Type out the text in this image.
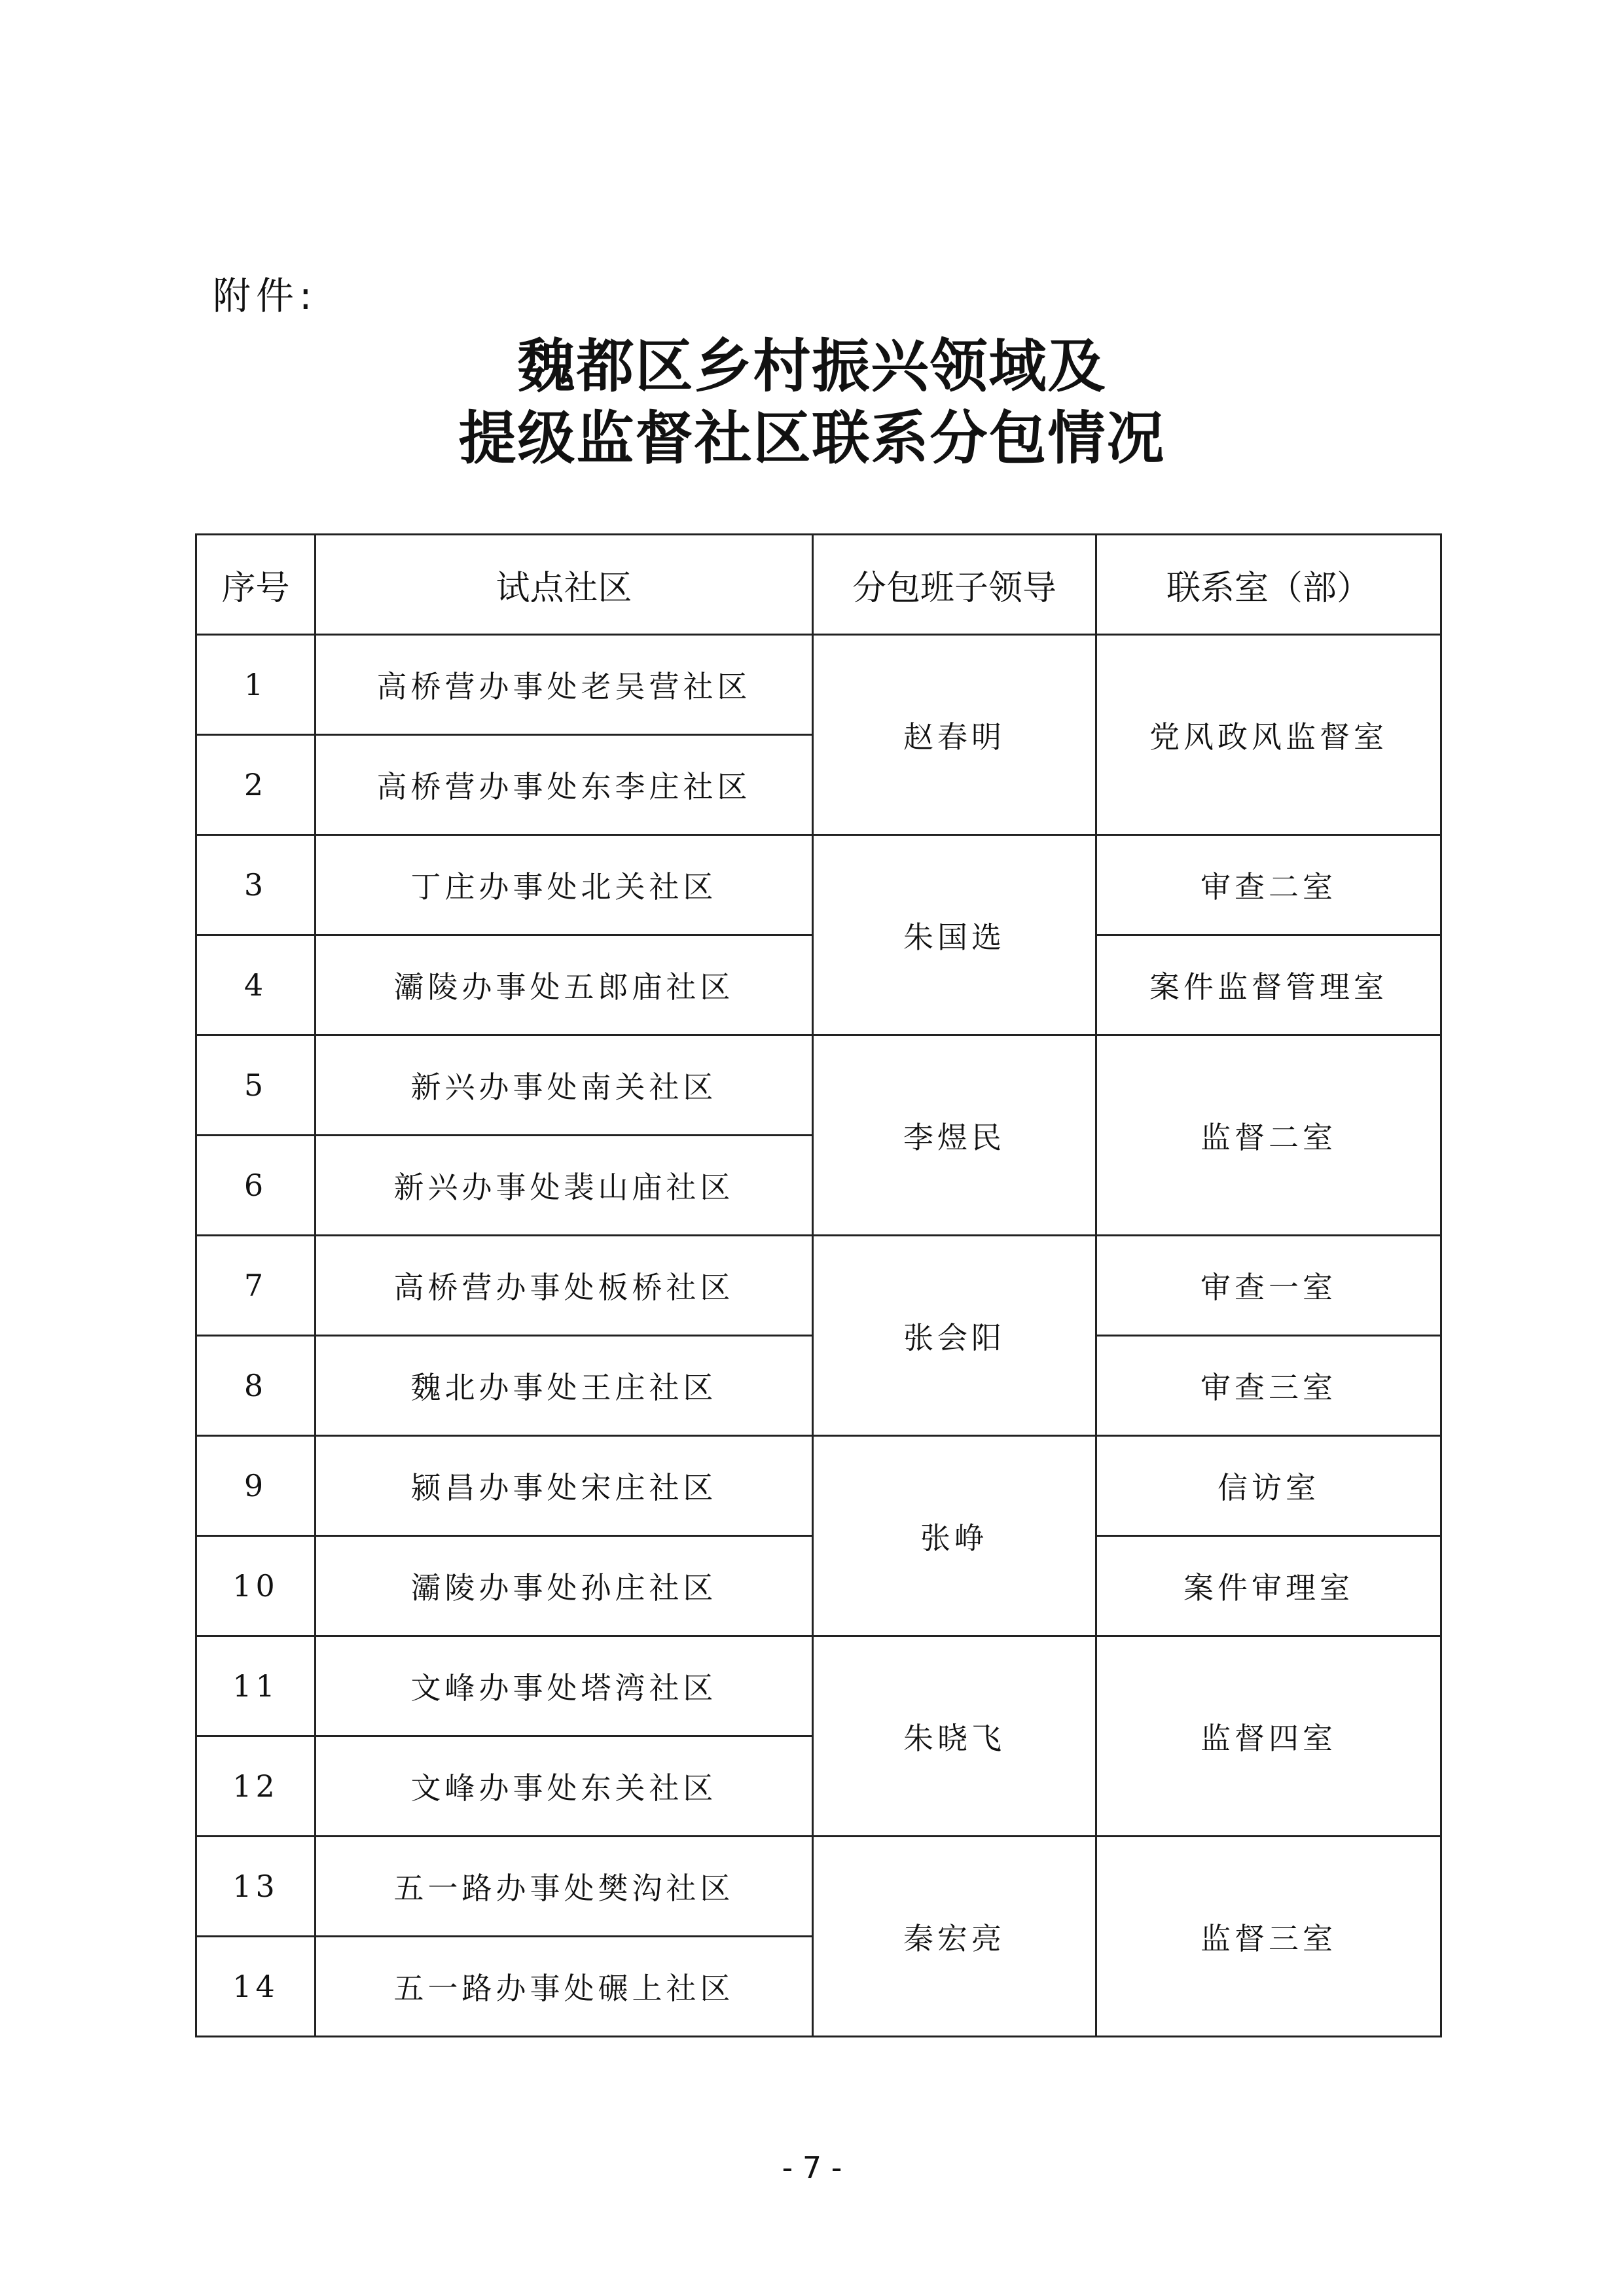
附件:
魏都区乡村振兴领域及
提级监督社区联系分包情况
序号	试点社区	分包班子领导	联系室（部）
1	高桥营办事处老吴营社区	赵春明	党风政风监督室
2	高桥营办事处东李庄社区		
3	丁庄办事处北关社区	朱国选	审查二室
4	灞陵办事处五郎庙社区		案件监督管理室
5	新兴办事处南关社区	李煜民	监督二室
6	新兴办事处裴山庙社区		
7	高桥营办事处板桥社区	张会阳	审查一室
8	魏北办事处王庄社区		审查三室
9	颍昌办事处宋庄社区	张峥	信访室
10	灞陵办事处孙庄社区		案件审理室
11	文峰办事处塔湾社区	朱晓飞	监督四室
12	文峰办事处东关社区		
13	五一路办事处樊沟社区	秦宏亮	监督三室
14	五一路办事处碾上社区		
- 7 -
